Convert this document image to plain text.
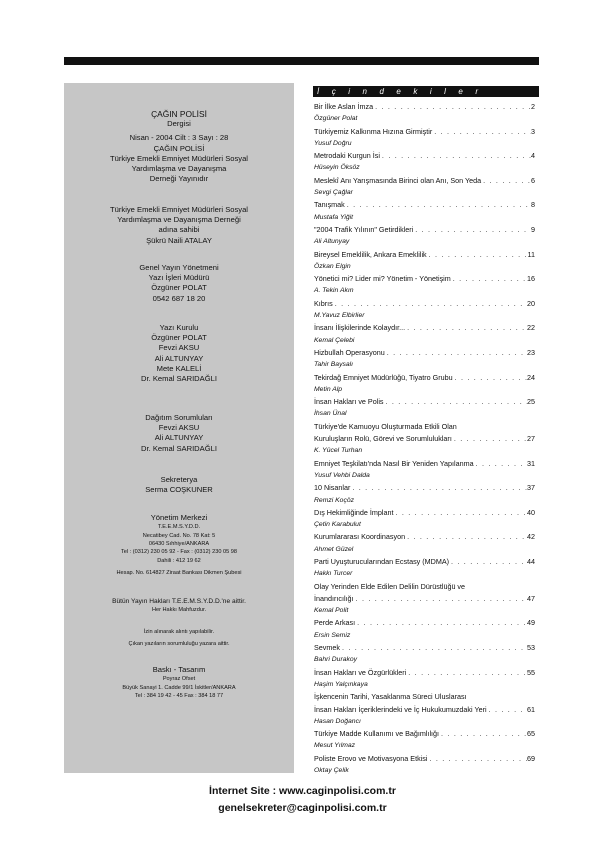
ÇAĞIN POLİSİ
Dergisi
Nisan - 2004 Cilt : 3 Sayı : 28
ÇAĞIN POLİSİ
Türkiye Emekli Emniyet Müdürleri Sosyal
Yardımlaşma ve Dayanışma
Derneği Yayınıdır
Türkiye Emekli Emniyet Müdürleri Sosyal
Yardımlaşma ve Dayanışma Derneği
adına sahibi
Şükrü Naili ATALAY
Genel Yayın Yönetmeni
Yazı İşleri Müdürü
Özgüner POLAT
0542 687 18 20
Yazı Kurulu
Özgüner POLAT
Fevzi AKSU
Ali ALTUNYAY
Mete KALELİ
Dr. Kemal SARIDAĞLI
Dağıtım Sorumluları
Fevzi AKSU
Ali ALTUNYAY
Dr. Kemal SARIDAĞLI
Sekreterya
Serma COŞKUNER
Yönetim Merkezi
T.E.E.M.S.Y.D.D.
Necatibey Cad. No. 78 Kat: 5
06430 Sıhhiye/ANKARA
Tel : (0312) 230 05 92 - Fax : (0312) 230 05 98
Dahili : 412 19 62
Hesap. No. 614827 Ziraat Bankası Dikmen Şubesi
Bütün Yayın Hakları T.E.E.M.S.Y.D.D.'ne aittir.
Her Hakkı Mahfuzdur.
İzin alınarak alıntı yapılabilir.
Çıkan yazıların sorumluluğu yazara aittir.
Baskı - Tasarım
Poyraz Ofset
Büyük Sanayi 1. Cadde 99/1 İskitler/ANKARA
Tel : 384 19 42 - 45 Fax : 384 18 77
İçindekiler
Bir İlke Aslan İmza . . .	2
Özgüner Polat
Türkiyemiz Kalkınma Hızına Girmiştir . . .	3
Yusuf Doğru
Metrodaki Kurgun İsi . . .	4
Hüseyin Öksöz
Meslekî Anı Yarışmasında Birinci olan Anı, Son Yeda . . .	6
Sevgi Çağlar
Tanışmak . . .	8
Mustafa Yiğit
"2004 Trafik Yılının" Getirdikleri . . .	9
Ali Altunyay
Bireysel Emeklilik, Ankara Emeklilik . . .	11
Özkan Elgin
Yönetici mi? Lider mi? Yönetim - Yönetişim . . .	16
A. Tekin Akın
Kıbrıs . . .	20
M.Yavuz Elbirlier
İnsanı İlişkilerinde Kolaydır... . . .	22
Kemal Çelebi
Hizbullah Operasyonu . . .	23
Tahir Baysalı
Tekirdağ Emniyet Müdürlüğü, Tiyatro Grubu . . .	24
Metin Alp
İnsan Hakları ve Polis . . .	25
İhsan Ünal
Türkiye'de Kamuoyu Oluşturmada Etkili Olan
Kuruluşların Rolü, Görevi ve Sorumlulukları . . .	27
K. Yücel Turhan
Emniyet Teşkilatı'nda Nasıl Bir Yeniden Yapılanma . . .	31
Yusuf Vehbi Dalda
10 Nisanlar . . .	37
Remzi Koçöz
Dış Hekimliğinde İmplant . . .	40
Çetin Karabulut
Kurumlararası Koordinasyon . . .	42
Ahmet Güzel
Parti Uyuşturucularından Ecstasy (MDMA) . . .	44
Hakkı Turcer
Olay Yerinden Elde Edilen Delilin Dürüstlüğü ve
İnandırıcılığı . . .	47
Kemal Polit
Perde Arkası . . .	49
Ersin Semiz
Sevmek . . .	53
Bahri Durakoy
İnsan Hakları ve Özgürlükleri . . .	55
Haşim Yalçınkaya
İşkencenin Tarihi, Yasaklanma Süreci Uluslarası
İnsan Hakları İçeriklerindeki ve İç Hukukumuzdaki Yeri . . .	61
Hasan Doğancı
Türkiye Madde Kullanımı ve Bağımlılığı . . .	65
Mesut Yılmaz
Poliste Erovo ve Motivasyona Etkisi . . .	69
Oktay Çelik
İnternet Site : www.caginpolisi.com.tr
genelsekreter@caginpolisi.com.tr
